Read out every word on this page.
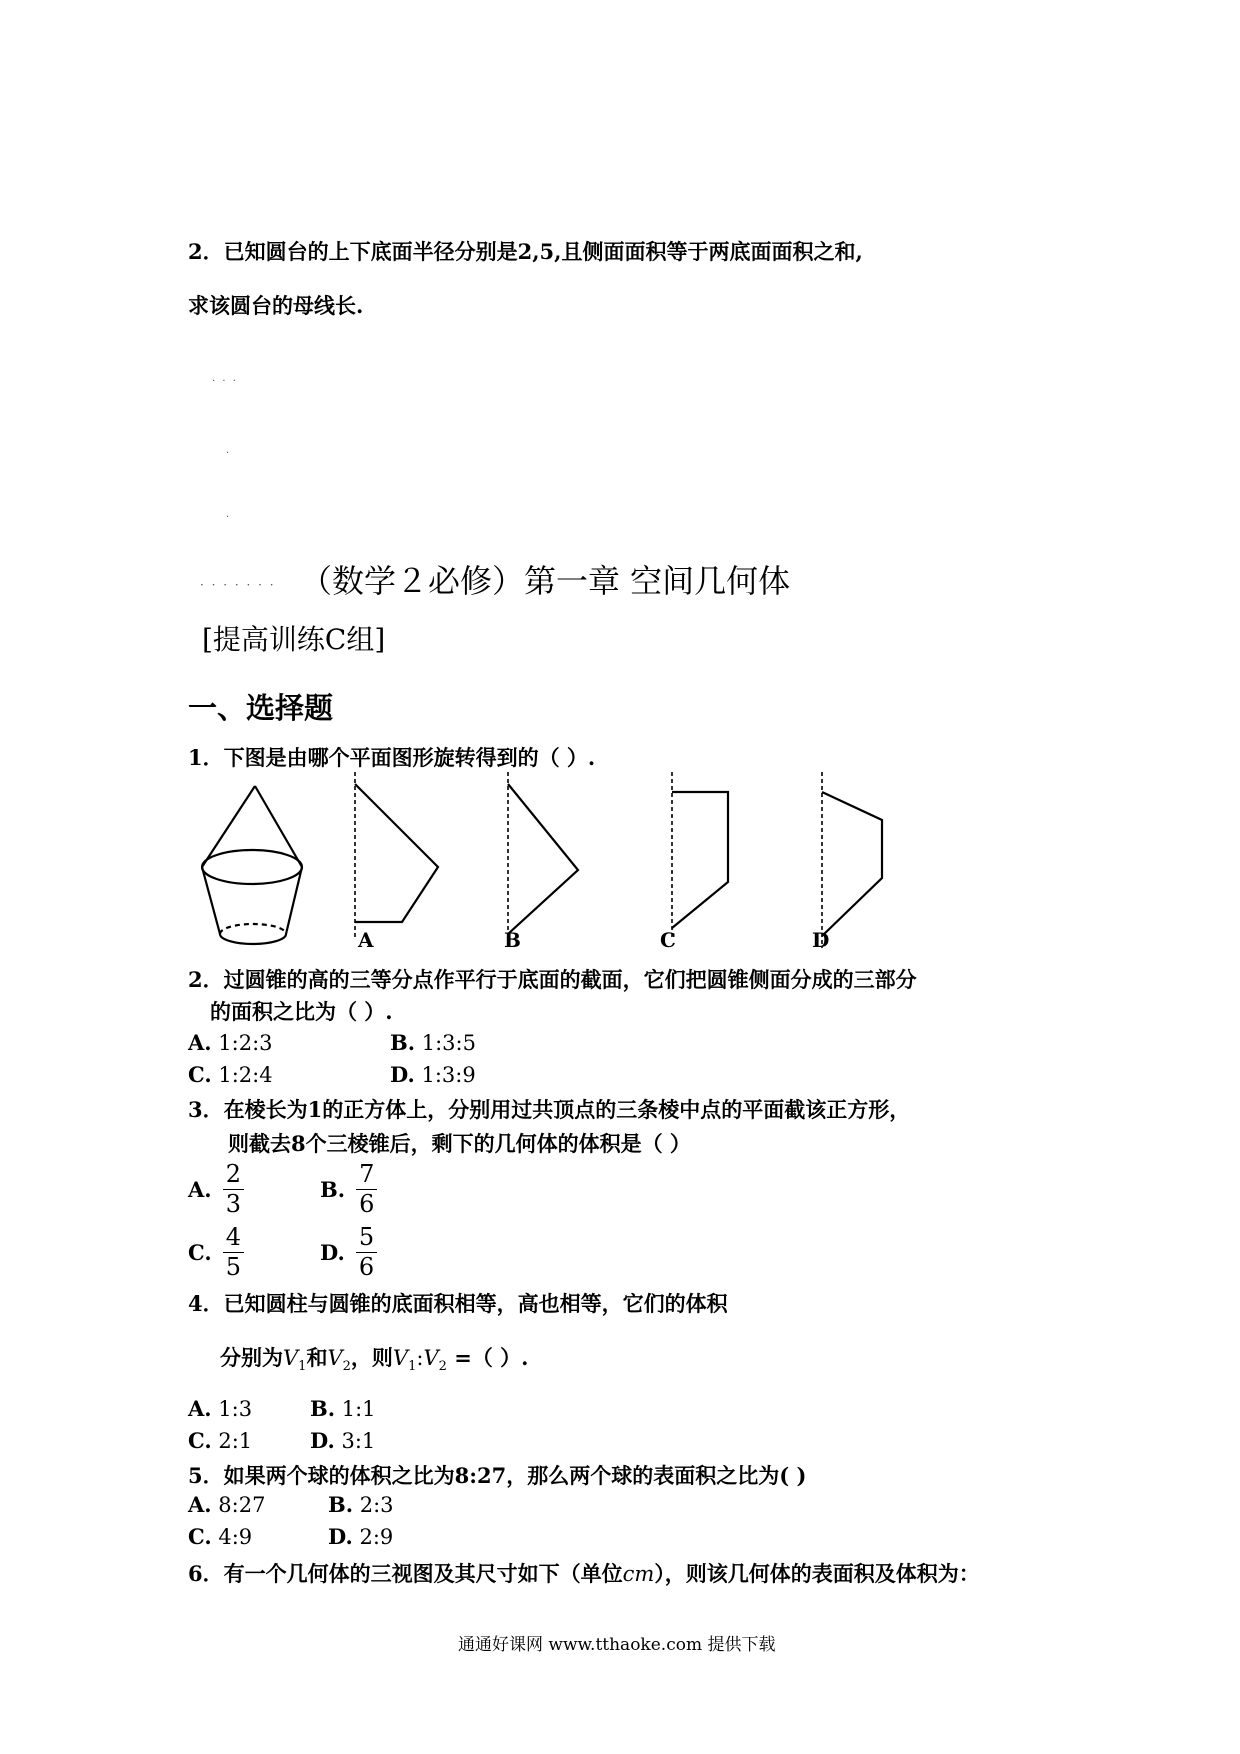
2．已知圆台的上下底面半径分别是2,5,且侧面面积等于两底面面积之和,
求该圆台的母线长.
· · ·
·
·
· · · · · · · （数学２必修）第一章 空间几何体
[提高训练C组]
一、选择题
1．下图是由哪个平面图形旋转得到的（ ）.
A	B	C	D
2．过圆锥的高的三等分点作平行于底面的截面，它们把圆锥侧面分成的三部分
的面积之比为（ ）.
A. 1:2:3	B. 1:3:5
C. 1:2:4	D. 1:3:9
3．在棱长为1的正方体上，分别用过共顶点的三条棱中点的平面截该正方形，
则截去8个三棱锥后，剩下的几何体的体积是（ ）
A. $\frac{2}{3}$	B. $\frac{7}{6}$
C. $\frac{4}{5}$	D. $\frac{5}{6}$
4．已知圆柱与圆锥的底面积相等，高也相等，它们的体积
分别为$V_1$和$V_2$，则$V_1:V_2$ =（ ）.
A. 1:3	B. 1:1
C. 2:1	D. 3:1
5．如果两个球的体积之比为8:27，那么两个球的表面积之比为( )
A. 8:27	B. 2:3
C. 4:9	D. 2:9
6．有一个几何体的三视图及其尺寸如下（单位cm），则该几何体的表面积及体积为：
通通好课网 www.tthaoke.com 提供下载
